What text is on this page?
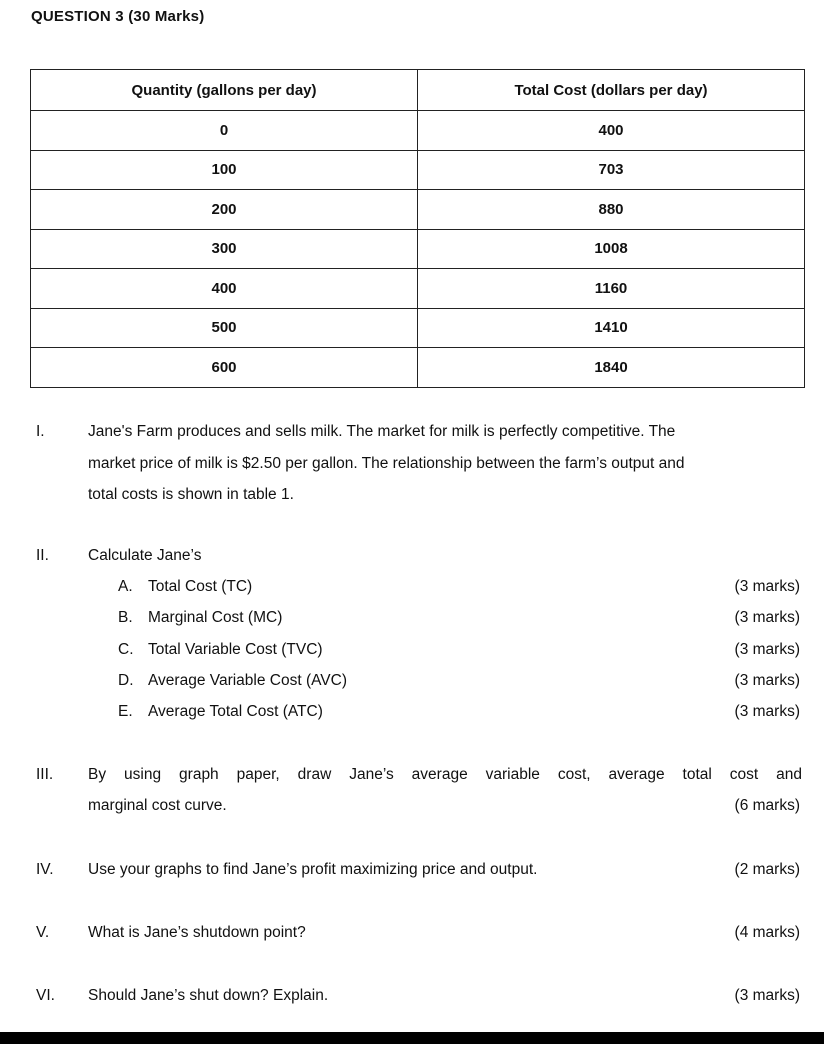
QUESTION 3 (30 Marks)
Quantity (gallons per day)	Total Cost (dollars per day)
0	400
100	703
200	880
300	1008
400	1160
500	1410
600	1840
I.	Jane's Farm produces and sells milk. The market for milk is perfectly competitive. The
market price of milk is $2.50 per gallon. The relationship between the farm’s output and
total costs is shown in table 1.
II.	Calculate Jane’s
A. Total Cost (TC)	(3 marks)
B. Marginal Cost (MC)	(3 marks)
C. Total Variable Cost (TVC)	(3 marks)
D. Average Variable Cost (AVC)	(3 marks)
E. Average Total Cost (ATC)	(3 marks)
III. By using graph paper, draw Jane’s average variable cost, average total cost and
marginal cost curve.	(6 marks)
IV. Use your graphs to find Jane’s profit maximizing price and output.	(2 marks)
V.	What is Jane’s shutdown point?	(4 marks)
VI. Should Jane’s shut down? Explain.	(3 marks)
